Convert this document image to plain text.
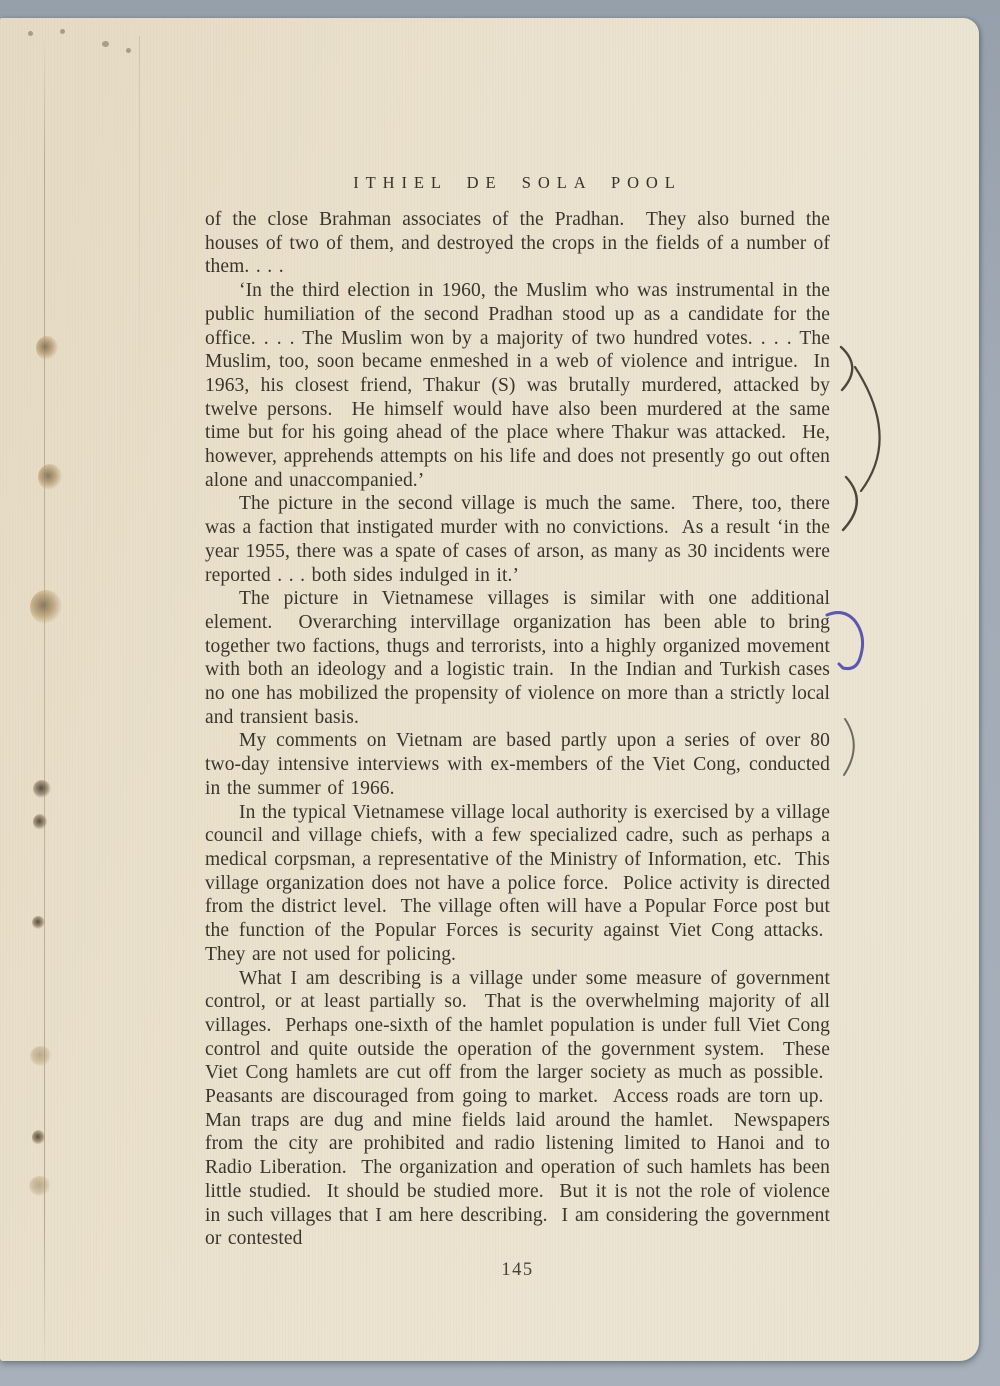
ITHIEL DE SOLA POOL

of the close Brahman associates of the Pradhan.  They also burned the houses of two of them, and destroyed the crops in the fields of a number of them. . . .

‘In the third election in 1960, the Muslim who was instrumental in the public humiliation of the second Pradhan stood up as a candidate for the office. . . . The Muslim won by a majority of two hundred votes. . . . The Muslim, too, soon became enmeshed in a web of violence and intrigue.  In 1963, his closest friend, Thakur (S) was brutally murdered, attacked by twelve persons.  He himself would have also been murdered at the same time but for his going ahead of the place where Thakur was attacked.  He, however, apprehends attempts on his life and does not presently go out often alone and unaccompanied.’

The picture in the second village is much the same.  There, too, there was a faction that instigated murder with no convictions.  As a result ‘in the year 1955, there was a spate of cases of arson, as many as 30 incidents were reported . . . both sides indulged in it.’

The picture in Vietnamese villages is similar with one additional element.  Overarching intervillage organization has been able to bring together two factions, thugs and terrorists, into a highly organized movement with both an ideology and a logistic train.  In the Indian and Turkish cases no one has mobilized the propensity of violence on more than a strictly local and transient basis.

My comments on Vietnam are based partly upon a series of over 80 two-day intensive interviews with ex-members of the Viet Cong, conducted in the summer of 1966.

In the typical Vietnamese village local authority is exercised by a village council and village chiefs, with a few specialized cadre, such as perhaps a medical corpsman, a representative of the Ministry of Information, etc.  This village organization does not have a police force.  Police activity is directed from the district level.  The village often will have a Popular Force post but the function of the Popular Forces is security against Viet Cong attacks.  They are not used for policing.

What I am describing is a village under some measure of government control, or at least partially so.  That is the overwhelming majority of all villages.  Perhaps one-sixth of the hamlet population is under full Viet Cong control and quite outside the operation of the government system.  These Viet Cong hamlets are cut off from the larger society as much as possible.  Peasants are discouraged from going to market.  Access roads are torn up.  Man traps are dug and mine fields laid around the hamlet.  Newspapers from the city are prohibited and radio listening limited to Hanoi and to Radio Liberation.  The organization and operation of such hamlets has been little studied.  It should be studied more.  But it is not the role of violence in such villages that I am here describing.  I am considering the government or contested

145
